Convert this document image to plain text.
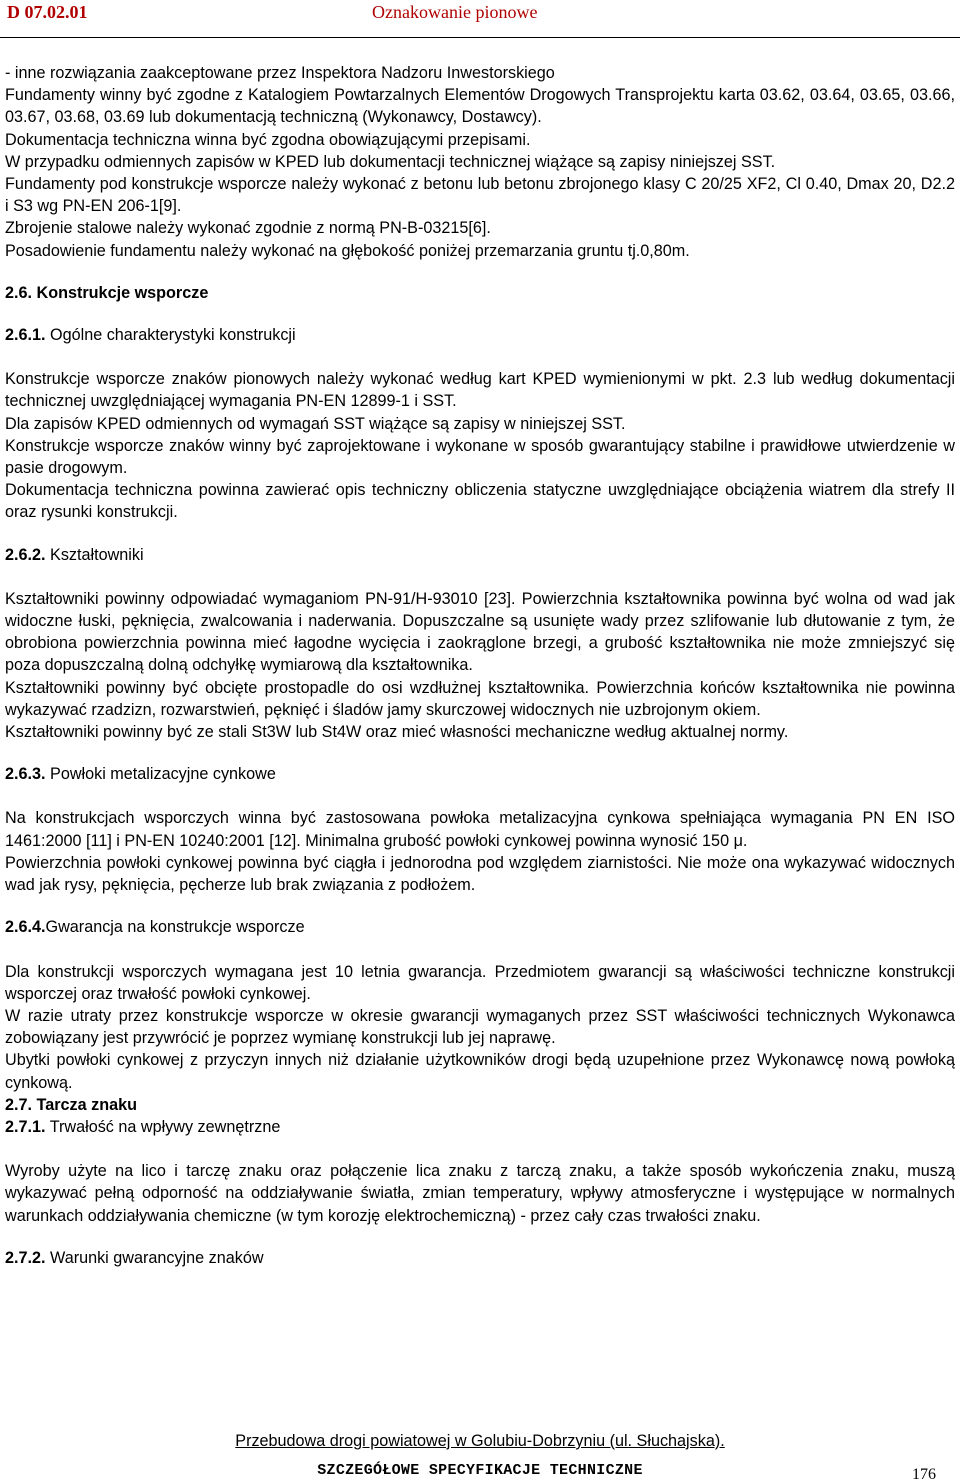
D 07.02.01	Oznakowanie pionowe

- inne rozwiązania zaakceptowane przez Inspektora Nadzoru Inwestorskiego

Fundamenty winny być zgodne z Katalogiem Powtarzalnych Elementów Drogowych Transprojektu karta 03.62, 03.64, 03.65, 03.66, 03.67, 03.68, 03.69 lub dokumentacją techniczną (Wykonawcy, Dostawcy).

Dokumentacja techniczna winna być zgodna obowiązującymi przepisami.

W przypadku odmiennych zapisów w KPED lub dokumentacji technicznej wiążące są zapisy niniejszej SST.

Fundamenty pod konstrukcje wsporcze należy wykonać z betonu lub betonu zbrojonego klasy C 20/25 XF2, Cl 0.40, Dmax 20, D2.2 i S3 wg PN-EN 206-1[9].

Zbrojenie stalowe należy wykonać zgodnie z normą PN-B-03215[6].

Posadowienie fundamentu należy wykonać na głębokość poniżej przemarzania gruntu tj.0,80m.

2.6. Konstrukcje wsporcze

2.6.1. Ogólne charakterystyki konstrukcji

Konstrukcje wsporcze znaków pionowych należy wykonać według kart KPED wymienionymi w pkt. 2.3 lub według dokumentacji technicznej uwzględniającej wymagania PN-EN 12899-1 i SST.

Dla zapisów KPED odmiennych od wymagań SST wiążące są zapisy w niniejszej SST.

Konstrukcje wsporcze znaków winny być zaprojektowane i wykonane w sposób gwarantujący stabilne i prawidłowe utwierdzenie w pasie drogowym.

Dokumentacja techniczna powinna zawierać opis techniczny obliczenia statyczne uwzględniające obciążenia wiatrem dla strefy II oraz rysunki konstrukcji.

2.6.2. Kształtowniki

Kształtowniki powinny odpowiadać wymaganiom PN-91/H-93010 [23]. Powierzchnia kształtownika powinna być wolna od wad jak widoczne łuski, pęknięcia, zwalcowania i naderwania. Dopuszczalne są usunięte wady przez szlifowanie lub dłutowanie z tym, że obrobiona powierzchnia powinna mieć łagodne wycięcia i zaokrąglone brzegi, a grubość kształtownika nie może zmniejszyć się poza dopuszczalną dolną odchyłkę wymiarową dla kształtownika.

Kształtowniki powinny być obcięte prostopadle do osi wzdłużnej kształtownika. Powierzchnia końców kształtownika nie powinna wykazywać rzadzizn, rozwarstwień, pęknięć i śladów jamy skurczowej widocznych nie uzbrojonym okiem.

Kształtowniki powinny być ze stali St3W lub St4W oraz mieć własności mechaniczne według aktualnej normy.

2.6.3. Powłoki metalizacyjne cynkowe

Na konstrukcjach wsporczych winna być zastosowana powłoka metalizacyjna cynkowa spełniająca wymagania PN EN ISO 1461:2000 [11] i PN-EN 10240:2001 [12]. Minimalna grubość powłoki cynkowej powinna wynosić 150 μ.

Powierzchnia powłoki cynkowej powinna być ciągła i jednorodna pod względem ziarnistości. Nie może ona wykazywać widocznych wad jak rysy, pęknięcia, pęcherze lub brak związania z podłożem.

2.6.4.Gwarancja na konstrukcje wsporcze

Dla konstrukcji wsporczych wymagana jest 10 letnia gwarancja. Przedmiotem gwarancji są właściwości techniczne konstrukcji wsporczej oraz trwałość powłoki cynkowej.

W razie utraty przez konstrukcje wsporcze w okresie gwarancji wymaganych przez SST właściwości technicznych Wykonawca zobowiązany jest przywrócić je poprzez wymianę konstrukcji lub jej naprawę.

Ubytki powłoki cynkowej z przyczyn innych niż działanie użytkowników drogi będą uzupełnione przez Wykonawcę nową powłoką cynkową.

2.7. Tarcza znaku

2.7.1. Trwałość na wpływy zewnętrzne

Wyroby użyte na lico i tarczę znaku oraz połączenie lica znaku z tarczą znaku, a także sposób wykończenia znaku, muszą wykazywać pełną odporność na oddziaływanie światła, zmian temperatury, wpływy atmosferyczne i występujące w normalnych warunkach oddziaływania chemiczne (w tym korozję elektrochemiczną) - przez cały czas trwałości znaku.

2.7.2. Warunki gwarancyjne znaków

Przebudowa drogi powiatowej w Golubiu-Dobrzyniu (ul. Słuchajska).
SZCZEGÓŁOWE SPECYFIKACJE TECHNICZNE	176
